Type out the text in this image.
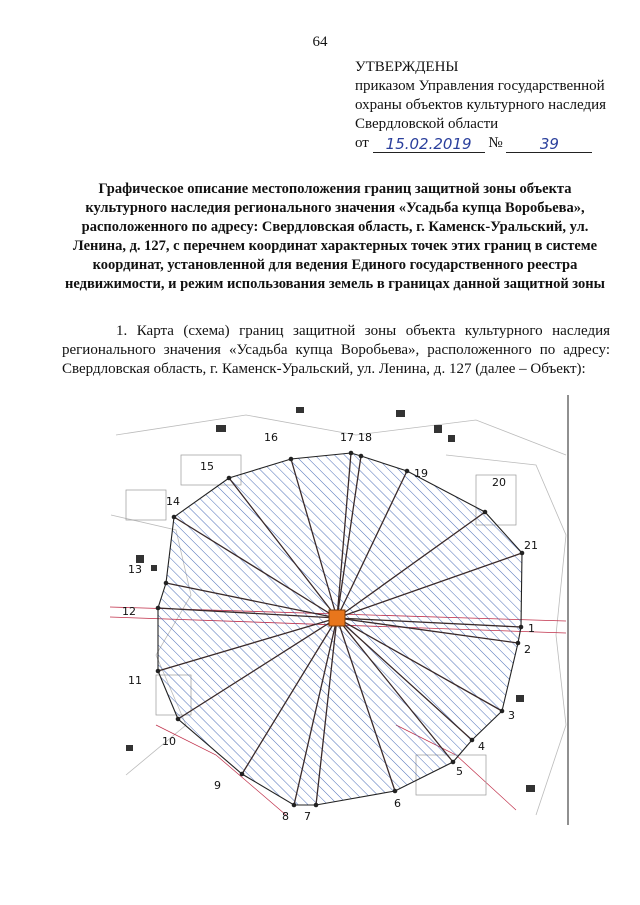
64
УТВЕРЖДЕНЫ
приказом Управления государственной
охраны объектов культурного наследия
Свердловской области
от
	15.02.2019
	№
	39
Графическое описание местоположения границ защитной зоны объекта культурного наследия регионального значения «Усадьба купца Воробьева», расположенного по адресу: Свердловская область, г. Каменск-Уральский, ул. Ленина, д. 127, с перечнем координат характерных точек этих границ в системе координат, установленной для ведения Единого государственного реестра недвижимости, и режим использования земель в границах данной защитной зоны
1. Карта (схема) границ защитной зоны объекта культурного наследия регионального значения «Усадьба купца Воробьева», расположенного по адресу: Свердловская область, г. Каменск-Уральский, ул. Ленина, д. 127 (далее – Объект):
1
2
3
4
5
6
7
8
9
10
11
12
13
14
15
16	17 18
19
20
21
